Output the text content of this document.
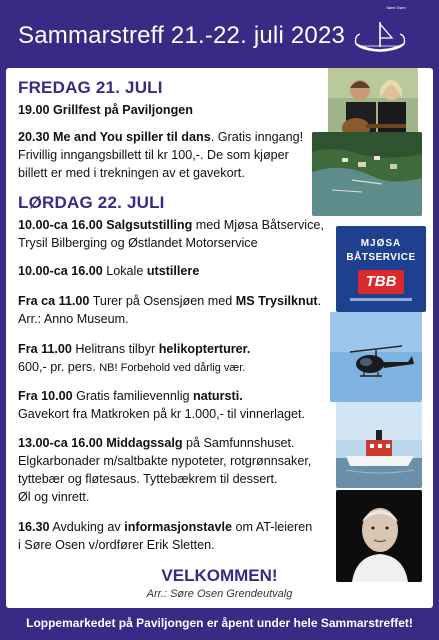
Sammarstreff 21.-22. juli 2023
Søre Osen
FREDAG 21. JULI
19.00 Grillfest på Paviljongen
20.30 Me and You spiller til dans. Gratis inngang!
Frivillig inngangsbillett til kr 100,-. De som kjøper
billett er med i trekningen av et gavekort.
LØRDAG 22. JULI
10.00-ca 16.00 Salgsutstilling med Mjøsa Båtservice,
Trysil Bilberging og Østlandet Motorservice
10.00-ca 16.00 Lokale utstillere
Fra ca 11.00 Turer på Osensjøen med MS Trysilknut.
Arr.: Anno Museum.
Fra 11.00 Helitrans tilbyr helikopterturer.
600,- pr. pers. NB! Forbehold ved dårlig vær.
Fra 10.00 Gratis familievennlig natursti.
Gavekort fra Matkroken på kr 1.000,- til vinnerlaget.
13.00-ca 16.00 Middagssalg på Samfunnshuset.
Elgkarbonader m/saltbakte nypoteter, rotgrønnsaker,
tyttebær og fløtesaus. Tyttebækrem til dessert.
Øl og vinrett.
16.30 Avduking av informasjonstavle om AT-leieren
i Søre Osen v/ordfører Erik Sletten.
MJØSA
BÅTSERVICE
TBB
VELKOMMEN!
Arr.: Søre Osen Grendeutvalg
Loppemarkedet på Paviljongen er åpent under hele Sammarstreffet!
